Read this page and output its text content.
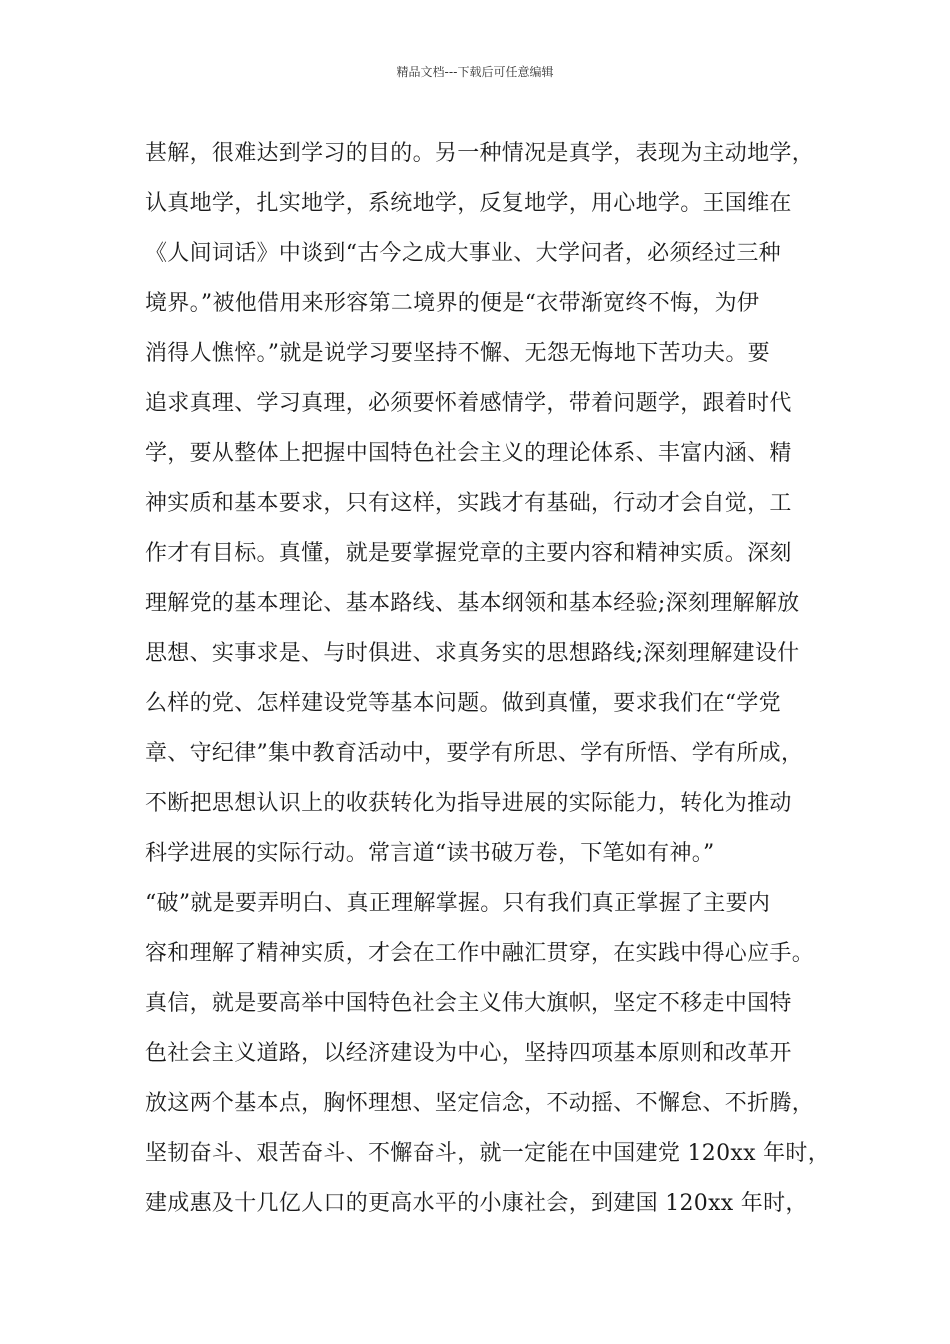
精品文档---下载后可任意编辑
甚解，很难达到学习的目的。另一种情况是真学，表现为主动地学，
认真地学，扎实地学，系统地学，反复地学，用心地学。王国维在
《人间词话》中谈到“古今之成大事业、大学问者，必须经过三种
境界。”被他借用来形容第二境界的便是“衣带渐宽终不悔，为伊
消得人憔悴。”就是说学习要坚持不懈、无怨无悔地下苦功夫。要
追求真理、学习真理，必须要怀着感情学，带着问题学，跟着时代
学，要从整体上把握中国特色社会主义的理论体系、丰富内涵、精
神实质和基本要求，只有这样，实践才有基础，行动才会自觉，工
作才有目标。真懂，就是要掌握党章的主要内容和精神实质。深刻
理解党的基本理论、基本路线、基本纲领和基本经验;深刻理解解放
思想、实事求是、与时俱进、求真务实的思想路线;深刻理解建设什
么样的党、怎样建设党等基本问题。做到真懂，要求我们在“学党
章、守纪律”集中教育活动中，要学有所思、学有所悟、学有所成，
不断把思想认识上的收获转化为指导进展的实际能力，转化为推动
科学进展的实际行动。常言道“读书破万卷，下笔如有神。”
“破”就是要弄明白、真正理解掌握。只有我们真正掌握了主要内
容和理解了精神实质，才会在工作中融汇贯穿，在实践中得心应手。
真信，就是要高举中国特色社会主义伟大旗帜，坚定不移走中国特
色社会主义道路，以经济建设为中心，坚持四项基本原则和改革开
放这两个基本点，胸怀理想、坚定信念，不动摇、不懈怠、不折腾，
坚韧奋斗、艰苦奋斗、不懈奋斗，就一定能在中国建党 120xx 年时，
建成惠及十几亿人口的更高水平的小康社会，到建国 120xx 年时，
